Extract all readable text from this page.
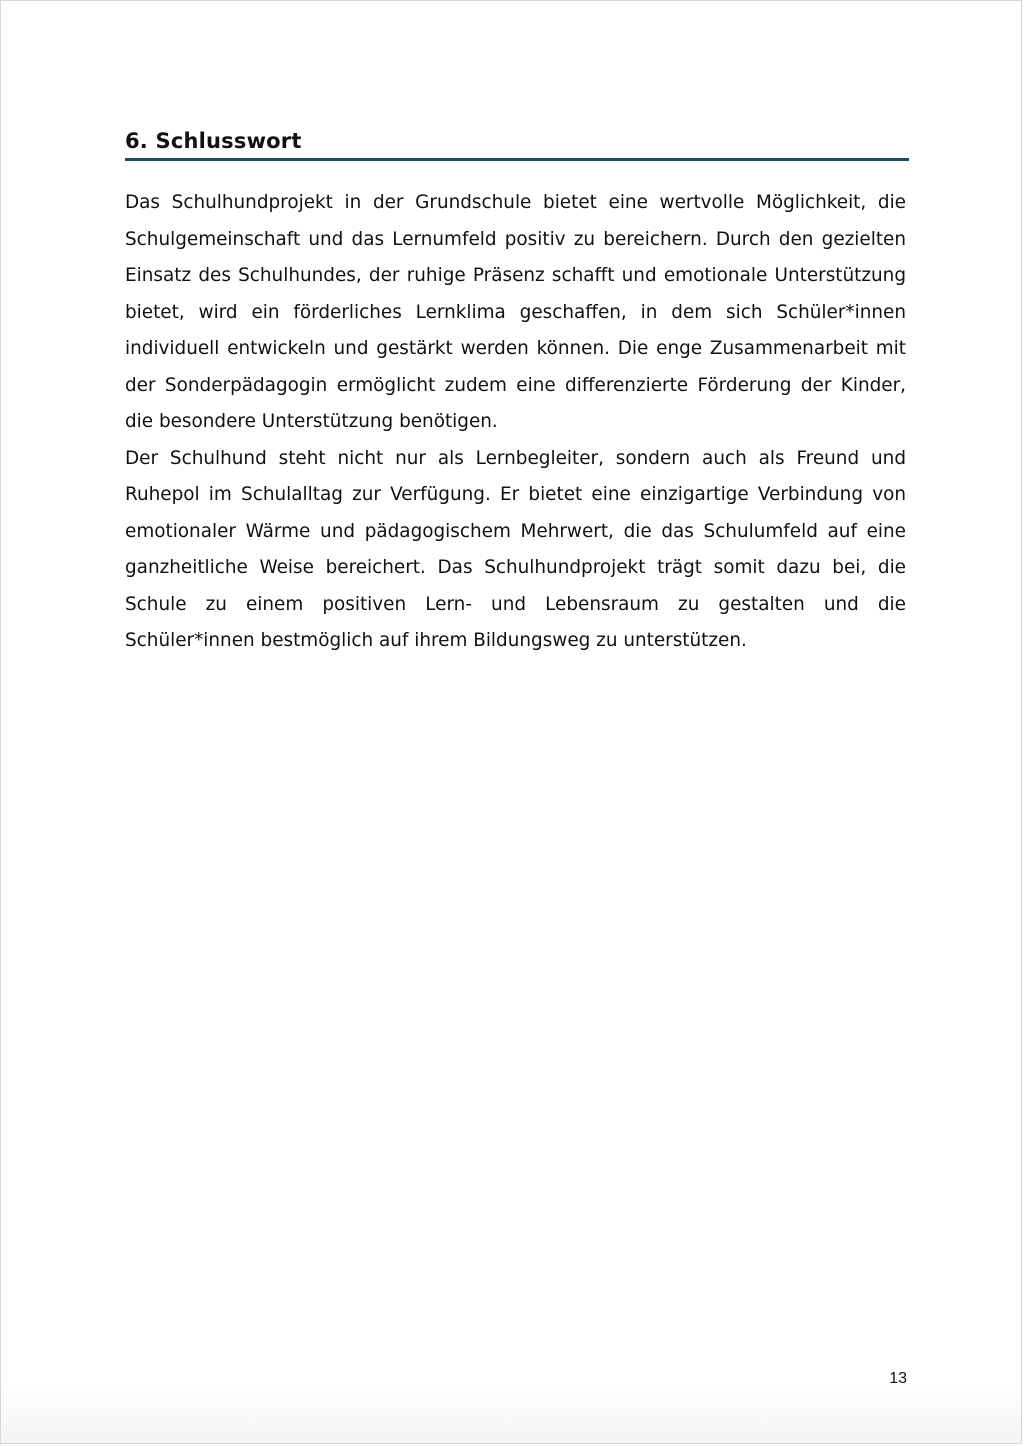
6. Schlusswort

Das Schulhundprojekt in der Grundschule bietet eine wertvolle Möglichkeit, die Schulgemeinschaft und das Lernumfeld positiv zu bereichern. Durch den gezielten Einsatz des Schulhundes, der ruhige Präsenz schafft und emotionale Unterstützung bietet, wird ein förderliches Lernklima geschaffen, in dem sich Schüler*innen individuell entwickeln und gestärkt werden können. Die enge Zusammenarbeit mit der Sonderpädagogin ermöglicht zudem eine differenzierte Förderung der Kinder, die besondere Unterstützung benötigen.

Der Schulhund steht nicht nur als Lernbegleiter, sondern auch als Freund und Ruhepol im Schulalltag zur Verfügung. Er bietet eine einzigartige Verbindung von emotionaler Wärme und pädagogischem Mehrwert, die das Schulumfeld auf eine ganzheitliche Weise bereichert. Das Schulhundprojekt trägt somit dazu bei, die Schule zu einem positiven Lern- und Lebensraum zu gestalten und die Schüler*innen bestmöglich auf ihrem Bildungsweg zu unterstützen.

13
